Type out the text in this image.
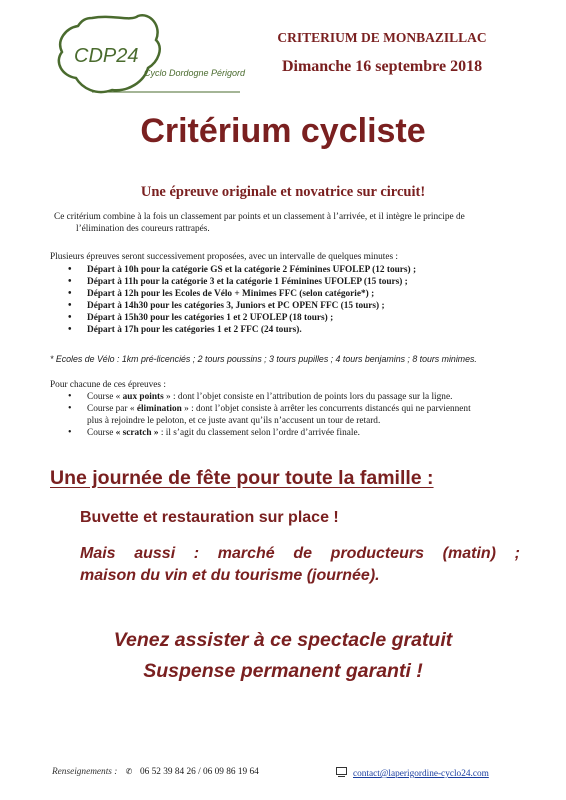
CDP24
Cyclo Dordogne Périgord
CRITERIUM DE MONBAZILLAC
Dimanche 16 septembre 2018
Critérium cycliste
Une épreuve originale et novatrice sur circuit!
Ce critérium combine à la fois un classement par points et un classement à l’arrivée, et il intègre le principe de
l’élimination des coureurs rattrapés.
Plusieurs épreuves seront successivement proposées, avec un intervalle de quelques minutes :
• Départ à 10h pour la catégorie GS et la catégorie 2 Féminines UFOLEP (12 tours) ;
• Départ à 11h pour la catégorie 3 et la catégorie 1 Féminines UFOLEP (15 tours) ;
• Départ à 12h pour les Ecoles de Vélo + Minimes FFC (selon catégorie*) ;
• Départ à 14h30 pour les catégories 3, Juniors et PC OPEN FFC (15 tours) ;
• Départ à 15h30 pour les catégories 1 et 2 UFOLEP (18 tours) ;
• Départ à 17h pour les catégories 1 et 2 FFC (24 tours).
* Ecoles de Vélo : 1km pré-licenciés ; 2 tours poussins ; 3 tours pupilles ; 4 tours benjamins ; 8 tours minimes.
Pour chacune de ces épreuves :
• Course « aux points » : dont l’objet consiste en l’attribution de points lors du passage sur la ligne.
• Course par « élimination » : dont l’objet consiste à arrêter les concurrents distancés qui ne parviennent
plus à rejoindre le peloton, et ce juste avant qu’ils n’accusent un tour de retard.
• Course « scratch » : il s’agit du classement selon l’ordre d’arrivée finale.
Une journée de fête pour toute la famille :
Buvette et restauration sur place !
Mais aussi : marché de producteurs (matin) ;
maison du vin et du tourisme (journée).
Venez assister à ce spectacle gratuit
Suspense permanent garanti !
Renseignements : ✆ 06 52 39 84 26 / 06 09 86 19 64	contact@laperigordine-cyclo24.com
